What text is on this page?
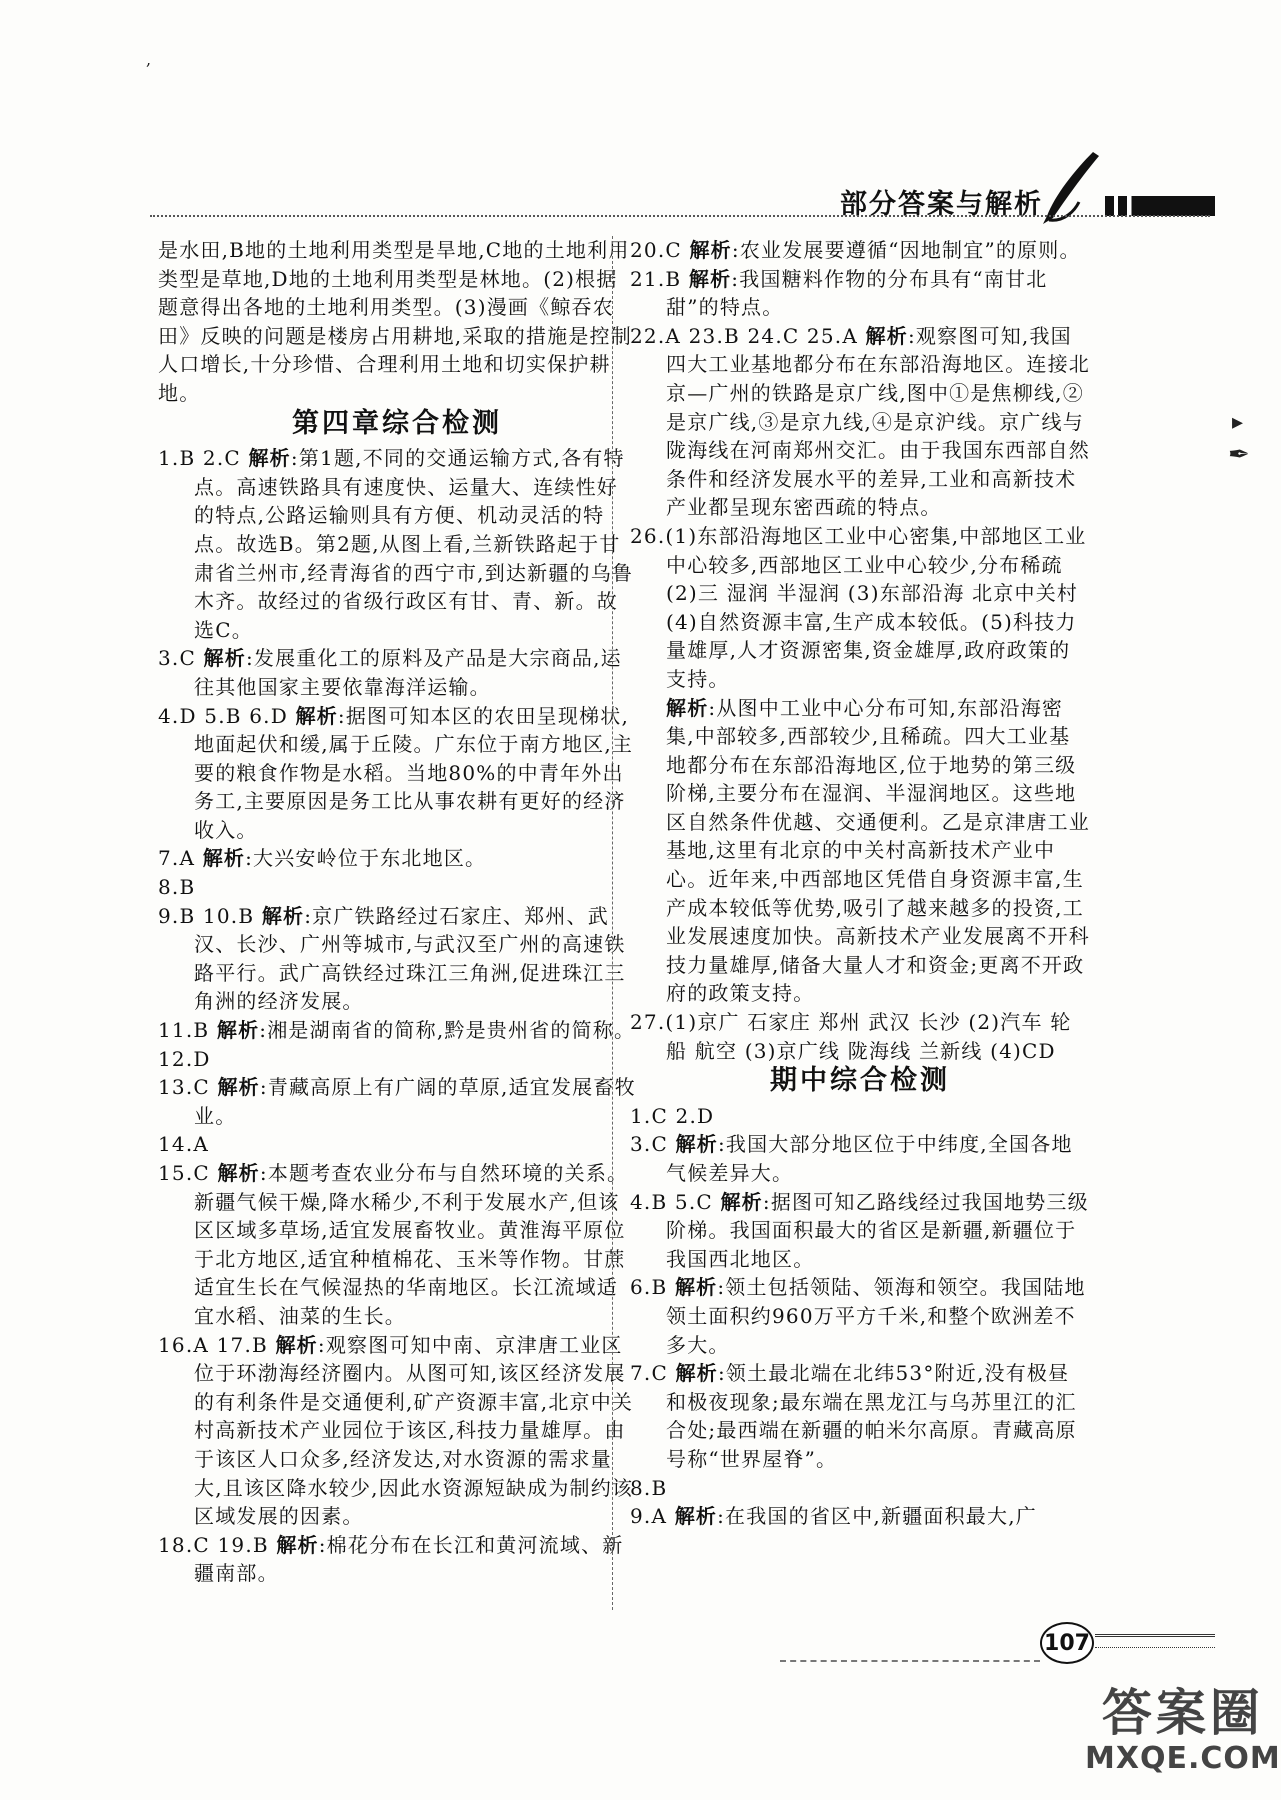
部分答案与解析
,
▸
✒

是水田,B地的土地利用类型是旱地,C地的土地利用类型是草地,D地的土地利用类型是林地。(2)根据题意得出各地的土地利用类型。(3)漫画《鲸吞农田》反映的问题是楼房占用耕地,采取的措施是控制人口增长,十分珍惜、合理利用土地和切实保护耕地。

第四章综合检测

1.B 2.C 解析:第1题,不同的交通运输方式,各有特点。高速铁路具有速度快、运量大、连续性好的特点,公路运输则具有方便、机动灵活的特点。故选B。第2题,从图上看,兰新铁路起于甘肃省兰州市,经青海省的西宁市,到达新疆的乌鲁木齐。故经过的省级行政区有甘、青、新。故选C。

3.C 解析:发展重化工的原料及产品是大宗商品,运往其他国家主要依靠海洋运输。

4.D 5.B 6.D 解析:据图可知本区的农田呈现梯状,地面起伏和缓,属于丘陵。广东位于南方地区,主要的粮食作物是水稻。当地80%的中青年外出务工,主要原因是务工比从事农耕有更好的经济收入。

7.A 解析:大兴安岭位于东北地区。

8.B

9.B 10.B 解析:京广铁路经过石家庄、郑州、武汉、长沙、广州等城市,与武汉至广州的高速铁路平行。武广高铁经过珠江三角洲,促进珠江三角洲的经济发展。

11.B 解析:湘是湖南省的简称,黔是贵州省的简称。

12.D

13.C 解析:青藏高原上有广阔的草原,适宜发展畜牧业。

14.A

15.C 解析:本题考查农业分布与自然环境的关系。新疆气候干燥,降水稀少,不利于发展水产,但该区区域多草场,适宜发展畜牧业。黄淮海平原位于北方地区,适宜种植棉花、玉米等作物。甘蔗适宜生长在气候湿热的华南地区。长江流域适宜水稻、油菜的生长。

16.A 17.B 解析:观察图可知中南、京津唐工业区位于环渤海经济圈内。从图可知,该区经济发展的有利条件是交通便利,矿产资源丰富,北京中关村高新技术产业园位于该区,科技力量雄厚。由于该区人口众多,经济发达,对水资源的需求量大,且该区降水较少,因此水资源短缺成为制约该区域发展的因素。

18.C 19.B 解析:棉花分布在长江和黄河流域、新疆南部。

20.C 解析:农业发展要遵循“因地制宜”的原则。

21.B 解析:我国糖料作物的分布具有“南甘北甜”的特点。

22.A 23.B 24.C 25.A 解析:观察图可知,我国四大工业基地都分布在东部沿海地区。连接北京—广州的铁路是京广线,图中①是焦柳线,②是京广线,③是京九线,④是京沪线。京广线与陇海线在河南郑州交汇。由于我国东西部自然条件和经济发展水平的差异,工业和高新技术产业都呈现东密西疏的特点。

26.(1)东部沿海地区工业中心密集,中部地区工业中心较多,西部地区工业中心较少,分布稀疏 (2)三 湿润 半湿润 (3)东部沿海 北京中关村 (4)自然资源丰富,生产成本较低。(5)科技力量雄厚,人才资源密集,资金雄厚,政府政策的支持。

解析:从图中工业中心分布可知,东部沿海密集,中部较多,西部较少,且稀疏。四大工业基地都分布在东部沿海地区,位于地势的第三级阶梯,主要分布在湿润、半湿润地区。这些地区自然条件优越、交通便利。乙是京津唐工业基地,这里有北京的中关村高新技术产业中心。近年来,中西部地区凭借自身资源丰富,生产成本较低等优势,吸引了越来越多的投资,工业发展速度加快。高新技术产业发展离不开科技力量雄厚,储备大量人才和资金;更离不开政府的政策支持。

27.(1)京广 石家庄 郑州 武汉 长沙 (2)汽车 轮船 航空 (3)京广线 陇海线 兰新线 (4)CD

期中综合检测

1.C 2.D

3.C 解析:我国大部分地区位于中纬度,全国各地气候差异大。

4.B 5.C 解析:据图可知乙路线经过我国地势三级阶梯。我国面积最大的省区是新疆,新疆位于我国西北地区。

6.B 解析:领土包括领陆、领海和领空。我国陆地领土面积约960万平方千米,和整个欧洲差不多大。

7.C 解析:领土最北端在北纬53°附近,没有极昼和极夜现象;最东端在黑龙江与乌苏里江的汇合处;最西端在新疆的帕米尔高原。青藏高原号称“世界屋脊”。

8.B

9.A 解析:在我国的省区中,新疆面积最大,广

107
答案圈
MXQE.COM
